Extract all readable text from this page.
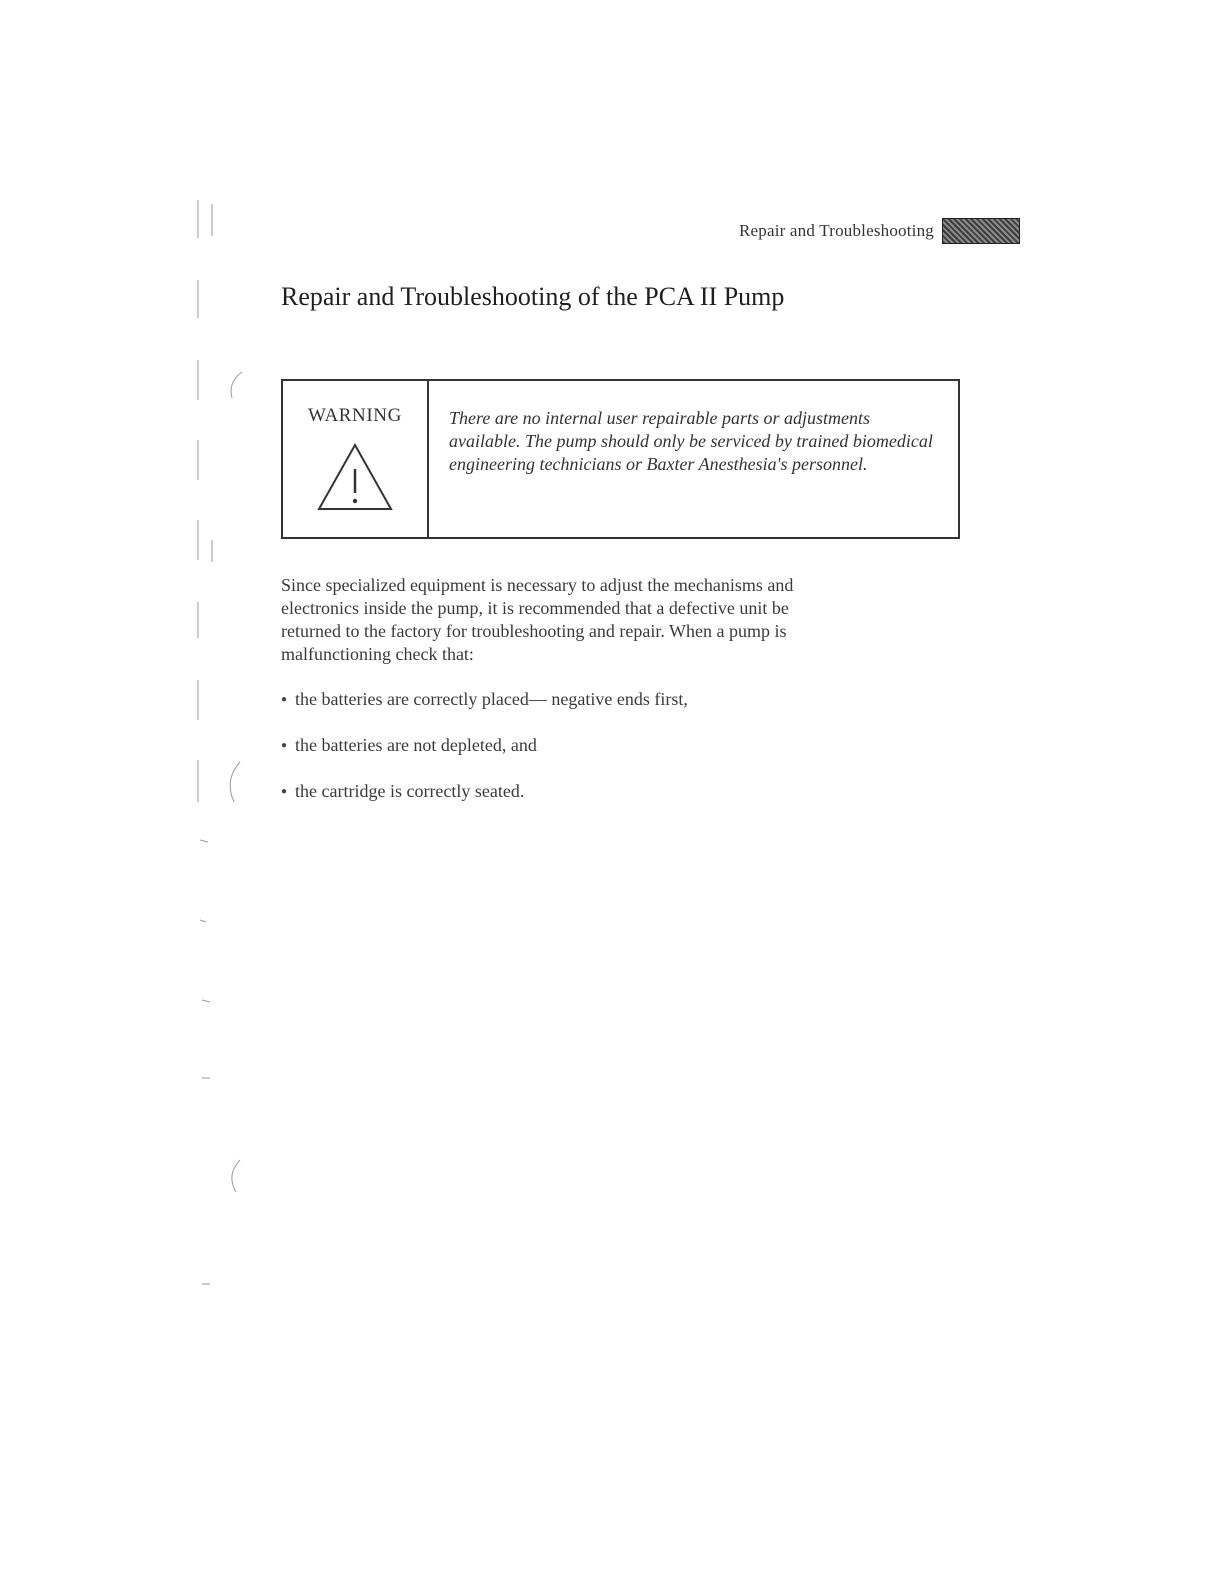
Repair and Troubleshooting
Repair and Troubleshooting of the PCA II Pump
WARNING	There are no internal user repairable parts or adjustments available. The pump should only be serviced by trained biomedical engineering technicians or Baxter Anesthesia's personnel.

Since specialized equipment is necessary to adjust the mechanisms and electronics inside the pump, it is recommended that a defective unit be returned to the factory for troubleshooting and repair. When a pump is malfunctioning check that:

● the batteries are correctly placed— negative ends first,
● the batteries are not depleted, and
● the cartridge is correctly seated.
